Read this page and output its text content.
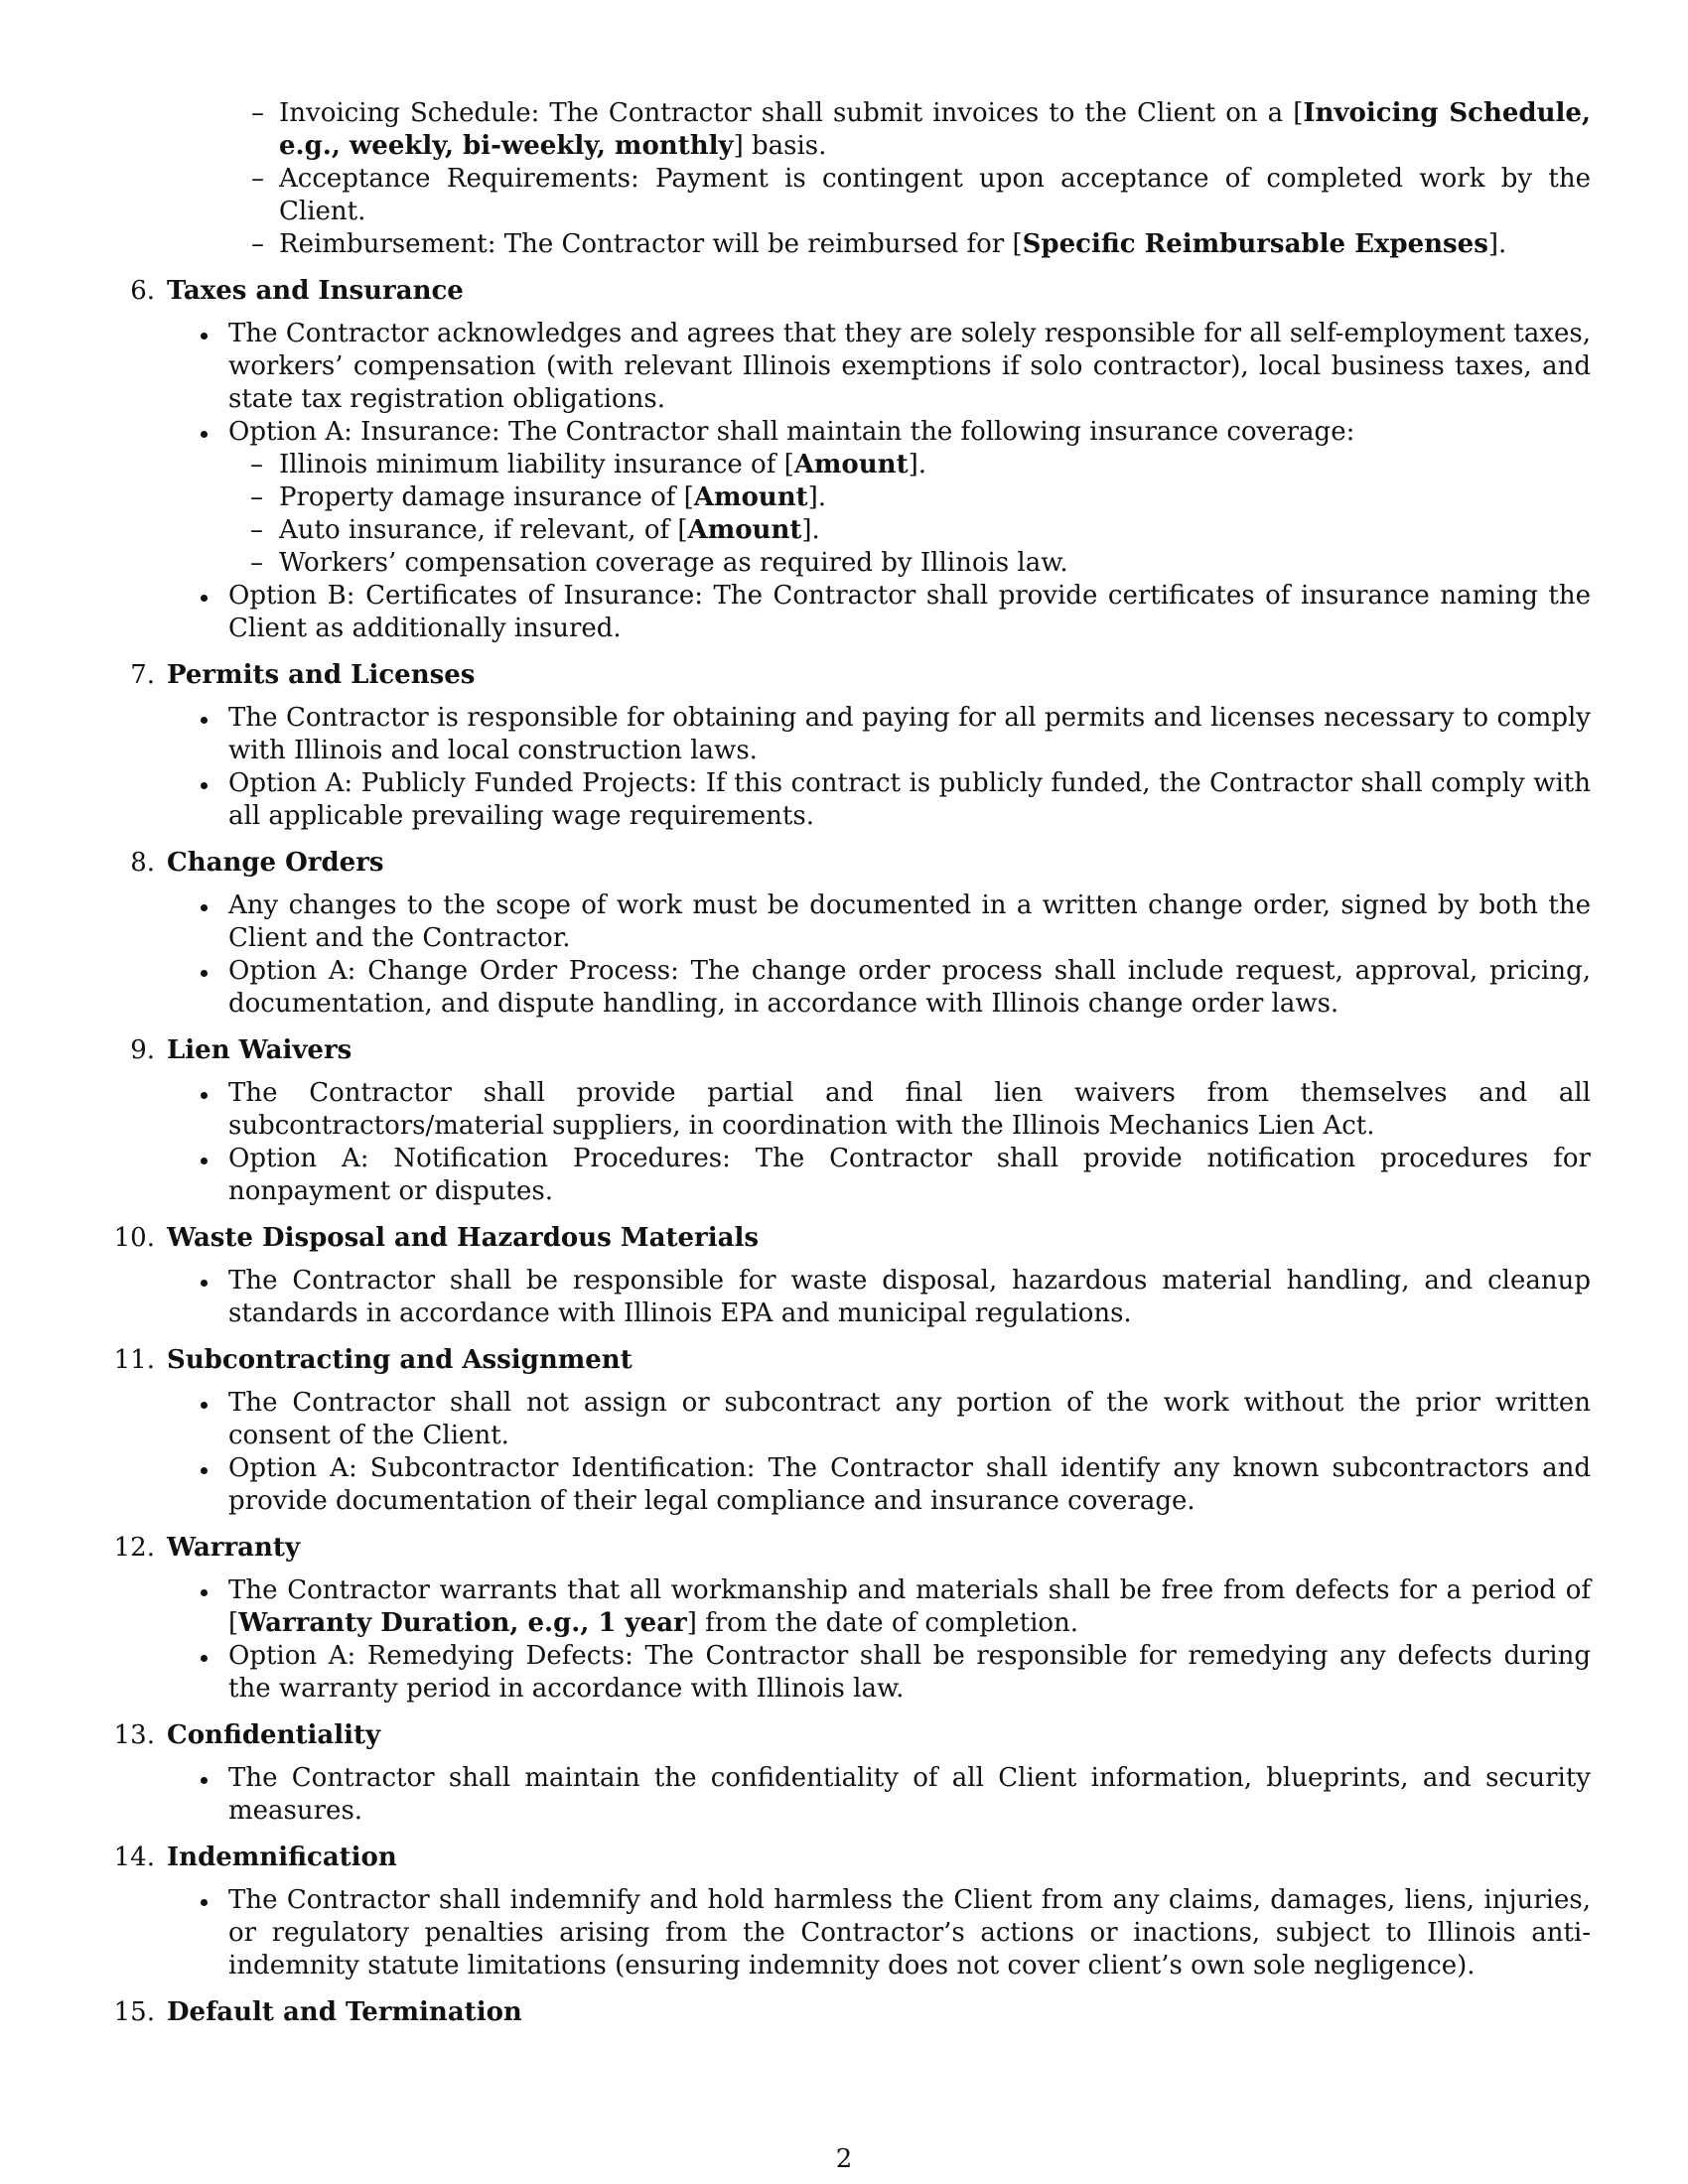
– Invoicing Schedule: The Contractor shall submit invoices to the Client on a [Invoicing Schedule, e.g., weekly, bi-weekly, monthly] basis.
– Acceptance Requirements: Payment is contingent upon acceptance of completed work by the Client.
– Reimbursement: The Contractor will be reimbursed for [Specific Reimbursable Expenses].
6. Taxes and Insurance
The Contractor acknowledges and agrees that they are solely responsible for all self-employment taxes, workers’ compensation (with relevant Illinois exemptions if solo contractor), local business taxes, and state tax registration obligations.
Option A: Insurance: The Contractor shall maintain the following insurance coverage:
– Illinois minimum liability insurance of [Amount].
– Property damage insurance of [Amount].
– Auto insurance, if relevant, of [Amount].
– Workers’ compensation coverage as required by Illinois law.
Option B: Certificates of Insurance: The Contractor shall provide certificates of insurance naming the Client as additionally insured.
7. Permits and Licenses
The Contractor is responsible for obtaining and paying for all permits and licenses necessary to comply with Illinois and local construction laws.
Option A: Publicly Funded Projects: If this contract is publicly funded, the Contractor shall comply with all applicable prevailing wage requirements.
8. Change Orders
Any changes to the scope of work must be documented in a written change order, signed by both the Client and the Contractor.
Option A: Change Order Process: The change order process shall include request, approval, pricing, documentation, and dispute handling, in accordance with Illinois change order laws.
9. Lien Waivers
The Contractor shall provide partial and final lien waivers from themselves and all subcontractors/material suppliers, in coordination with the Illinois Mechanics Lien Act.
Option A: Notification Procedures: The Contractor shall provide notification procedures for nonpayment or disputes.
10. Waste Disposal and Hazardous Materials
The Contractor shall be responsible for waste disposal, hazardous material handling, and cleanup standards in accordance with Illinois EPA and municipal regulations.
11. Subcontracting and Assignment
The Contractor shall not assign or subcontract any portion of the work without the prior written consent of the Client.
Option A: Subcontractor Identification: The Contractor shall identify any known subcontractors and provide documentation of their legal compliance and insurance coverage.
12. Warranty
The Contractor warrants that all workmanship and materials shall be free from defects for a period of [Warranty Duration, e.g., 1 year] from the date of completion.
Option A: Remedying Defects: The Contractor shall be responsible for remedying any defects during the warranty period in accordance with Illinois law.
13. Confidentiality
The Contractor shall maintain the confidentiality of all Client information, blueprints, and security measures.
14. Indemnification
The Contractor shall indemnify and hold harmless the Client from any claims, damages, liens, injuries, or regulatory penalties arising from the Contractor’s actions or inactions, subject to Illinois anti-indemnity statute limitations (ensuring indemnity does not cover client’s own sole negligence).
15. Default and Termination
2
